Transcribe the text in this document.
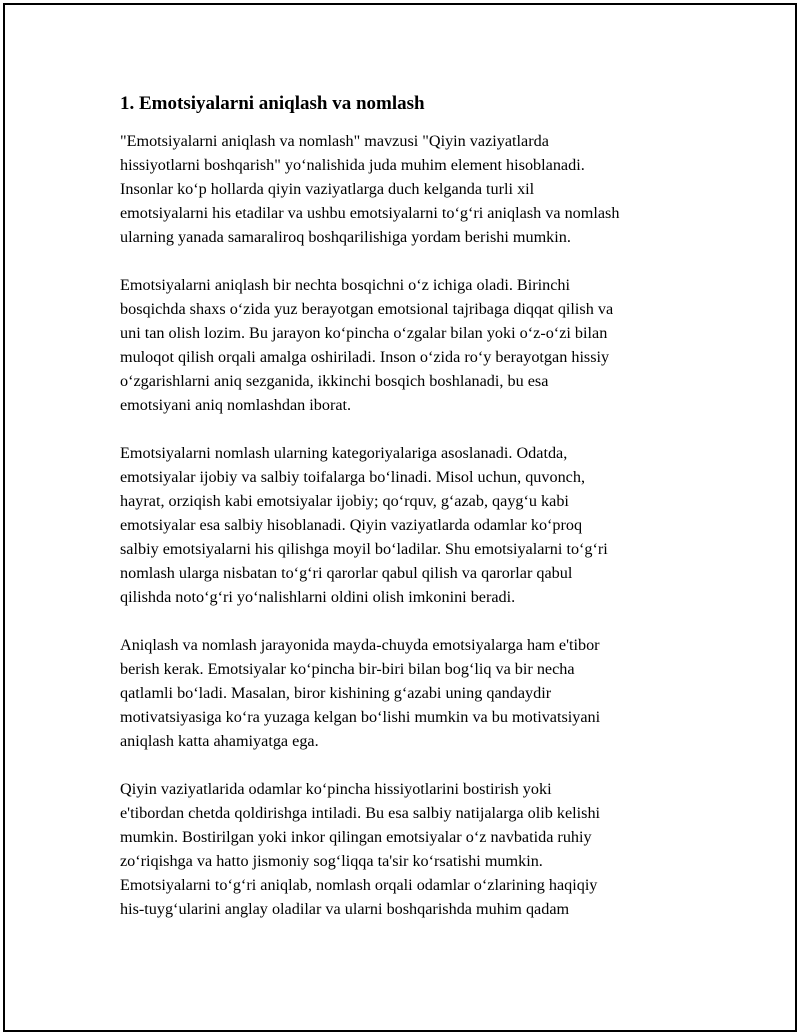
1. Emotsiyalarni aniqlash va nomlash
"Emotsiyalarni aniqlash va nomlash" mavzusi "Qiyin vaziyatlarda
hissiyotlarni boshqarish" yo‘nalishida juda muhim element hisoblanadi.
Insonlar ko‘p hollarda qiyin vaziyatlarga duch kelganda turli xil
emotsiyalarni his etadilar va ushbu emotsiyalarni to‘g‘ri aniqlash va nomlash
ularning yanada samaraliroq boshqarilishiga yordam berishi mumkin.
Emotsiyalarni aniqlash bir nechta bosqichni o‘z ichiga oladi. Birinchi
bosqichda shaxs o‘zida yuz berayotgan emotsional tajribaga diqqat qilish va
uni tan olish lozim. Bu jarayon ko‘pincha o‘zgalar bilan yoki o‘z-o‘zi bilan
muloqot qilish orqali amalga oshiriladi. Inson o‘zida ro‘y berayotgan hissiy
o‘zgarishlarni aniq sezganida, ikkinchi bosqich boshlanadi, bu esa
emotsiyani aniq nomlashdan iborat.
Emotsiyalarni nomlash ularning kategoriyalariga asoslanadi. Odatda,
emotsiyalar ijobiy va salbiy toifalarga bo‘linadi. Misol uchun, quvonch,
hayrat, orziqish kabi emotsiyalar ijobiy; qo‘rquv, g‘azab, qayg‘u kabi
emotsiyalar esa salbiy hisoblanadi. Qiyin vaziyatlarda odamlar ko‘proq
salbiy emotsiyalarni his qilishga moyil bo‘ladilar. Shu emotsiyalarni to‘g‘ri
nomlash ularga nisbatan to‘g‘ri qarorlar qabul qilish va qarorlar qabul
qilishda noto‘g‘ri yo‘nalishlarni oldini olish imkonini beradi.
Aniqlash va nomlash jarayonida mayda-chuyda emotsiyalarga ham e'tibor
berish kerak. Emotsiyalar ko‘pincha bir-biri bilan bog‘liq va bir necha
qatlamli bo‘ladi. Masalan, biror kishining g‘azabi uning qandaydir
motivatsiyasiga ko‘ra yuzaga kelgan bo‘lishi mumkin va bu motivatsiyani
aniqlash katta ahamiyatga ega.
Qiyin vaziyatlarida odamlar ko‘pincha hissiyotlarini bostirish yoki
e'tibordan chetda qoldirishga intiladi. Bu esa salbiy natijalarga olib kelishi
mumkin. Bostirilgan yoki inkor qilingan emotsiyalar o‘z navbatida ruhiy
zo‘riqishga va hatto jismoniy sog‘liqqa ta'sir ko‘rsatishi mumkin.
Emotsiyalarni to‘g‘ri aniqlab, nomlash orqali odamlar o‘zlarining haqiqiy
his-tuyg‘ularini anglay oladilar va ularni boshqarishda muhim qadam
